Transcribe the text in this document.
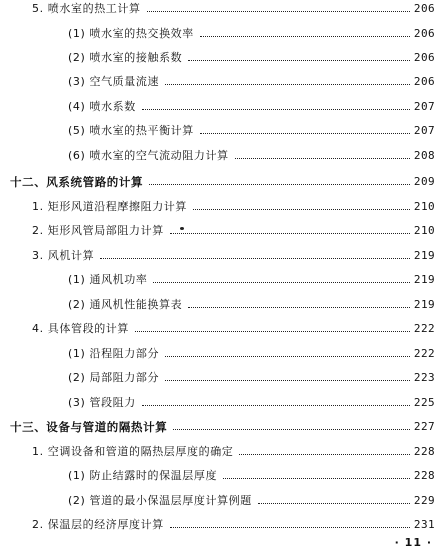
5. 喷水室的热工计算	206
(1) 喷水室的热交换效率	206
(2) 喷水室的接触系数	206
(3) 空气质量流速	206
(4) 喷水系数	207
(5) 喷水室的热平衡计算	207
(6) 喷水室的空气流动阻力计算	208
十二、风系统管路的计算	209
1. 矩形风道沿程摩擦阻力计算	210
2. 矩形风管局部阻力计算	210
3. 风机计算	219
(1) 通风机功率	219
(2) 通风机性能换算表	219
4. 具体管段的计算	222
(1) 沿程阻力部分	222
(2) 局部阻力部分	223
(3) 管段阻力	225
十三、设备与管道的隔热计算	227
1. 空调设备和管道的隔热层厚度的确定	228
(1) 防止结露时的保温层厚度	228
(2) 管道的最小保温层厚度计算例题	229
2. 保温层的经济厚度计算	231
· 11 ·
